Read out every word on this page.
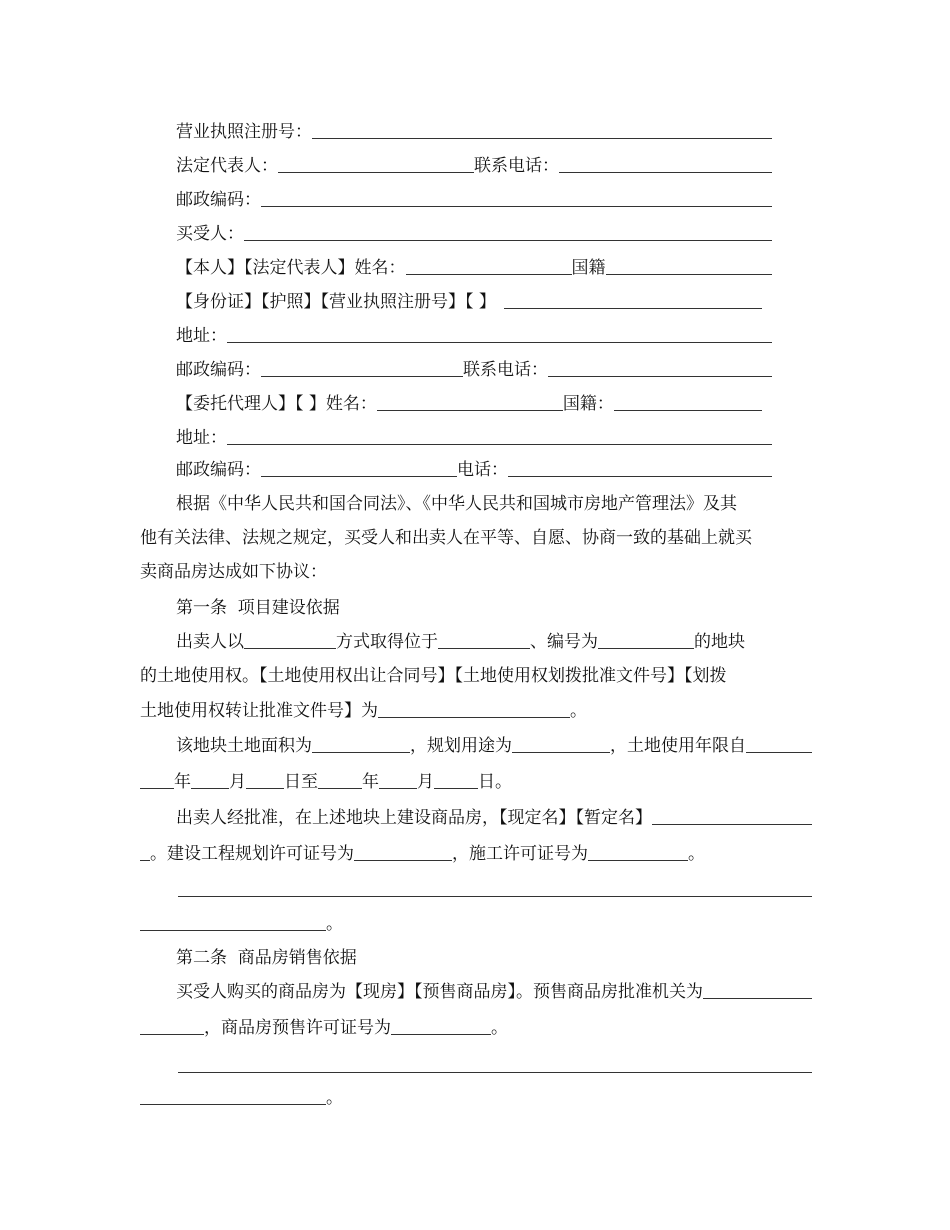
营业执照注册号：
法定代表人：	联系电话：
邮政编码：
买受人：
【本人】【法定代表人】姓名：	国籍
【身份证】【护照】【营业执照注册号】【 】
地址：
邮政编码：	联系电话：
【委托代理人】【 】姓名：	国籍：
地址：
邮政编码：	电话：
根据《中华人民共和国合同法》、《中华人民共和国城市房地产管理法》及其
他有关法律、法规之规定，买受人和出卖人在平等、自愿、协商一致的基础上就买
卖商品房达成如下协议：
第一条  项目建设依据
出卖人以	方式取得位于	、编号为	的地块
的土地使用权。【土地使用权出让合同号】【土地使用权划拨批准文件号】【划拨
土地使用权转让批准文件号】为	。
该地块土地面积为	，规划用途为	，土地使用年限自
年 月 日至	年 月	日。
出卖人经批准，在上述地块上建设商品房，【现定名】【暂定名】
。建设工程规划许可证号为	，施工许可证号为	。
。
第二条  商品房销售依据
买受人购买的商品房为【现房】【预售商品房】。预售商品房批准机关为
，商品房预售许可证号为	。
。
